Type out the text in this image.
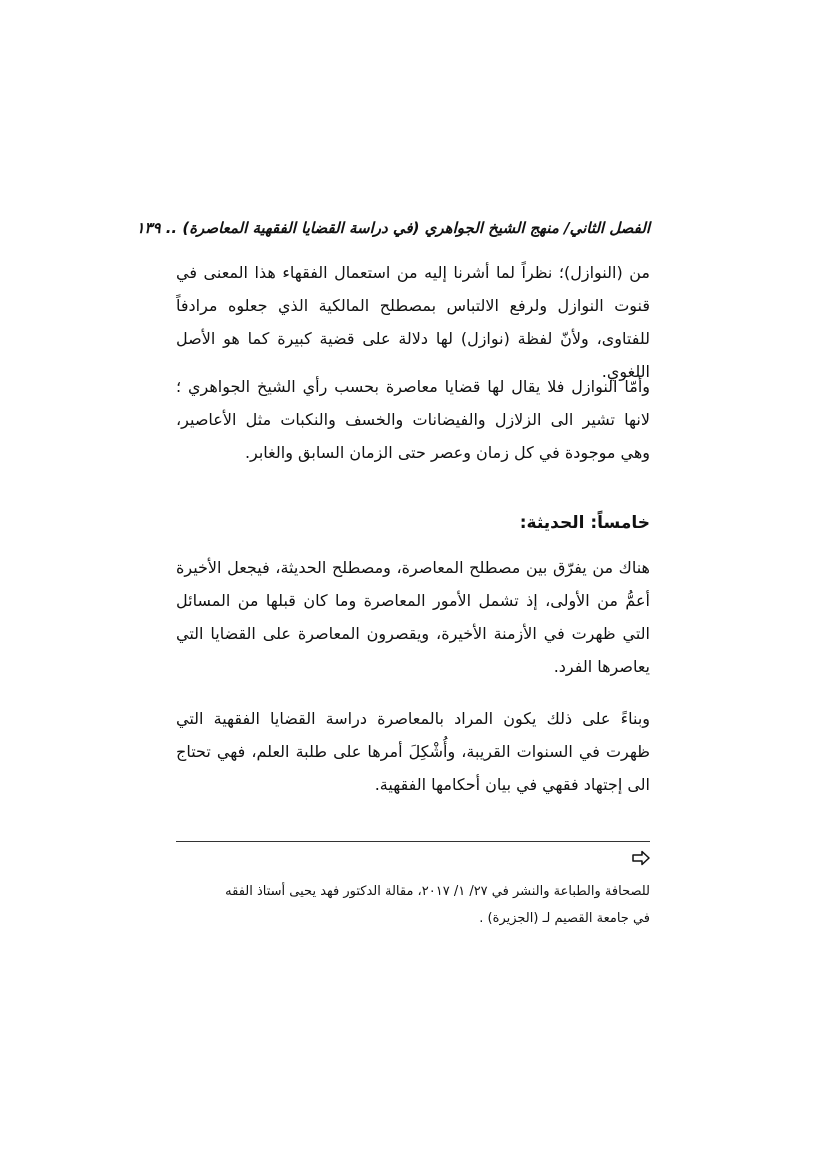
الفصل الثاني/ منهج الشيخ الجواهري (في دراسة القضايا الفقهية المعاصرة) .. ١٣٩

من (النوازل)؛ نظراً لما أشرنا إليه من استعمال الفقهاء هذا المعنى في قنوت النوازل ولرفع الالتباس بمصطلح المالكية الذي جعلوه مرادفاً للفتاوى، ولأنّ لفظة (نوازل) لها دلالة على قضية كبيرة كما هو الأصل اللغوي.

وأمّا النوازل فلا يقال لها قضايا معاصرة بحسب رأي الشيخ الجواهري ؛ لانها تشير الى الزلازل والفيضانات والخسف والنكبات مثل الأعاصير، وهي موجودة في كل زمان وعصر حتى الزمان السابق والغابر.

خامساً: الحديثة:

هناك من يفرّق بين مصطلح المعاصرة، ومصطلح الحديثة، فيجعل الأخيرة أعمُّ من الأولى، إذ تشمل الأمور المعاصرة وما كان قبلها من المسائل التي ظهرت في الأزمنة الأخيرة، ويقصرون المعاصرة على القضايا التي يعاصرها الفرد.

وبناءً على ذلك يكون المراد بالمعاصرة دراسة القضايا الفقهية التي ظهرت في السنوات القريبة، وأُشْكِلَ أمرها على طلبة العلم، فهي تحتاج الى إجتهاد فقهي في بيان أحكامها الفقهية.

للصحافة والطباعة والنشر في ٢٧/ ١/ ٢٠١٧، مقالة الدكتور فهد يحيى أستاذ الفقه

في جامعة القصيم لـ (الجزيرة) .
